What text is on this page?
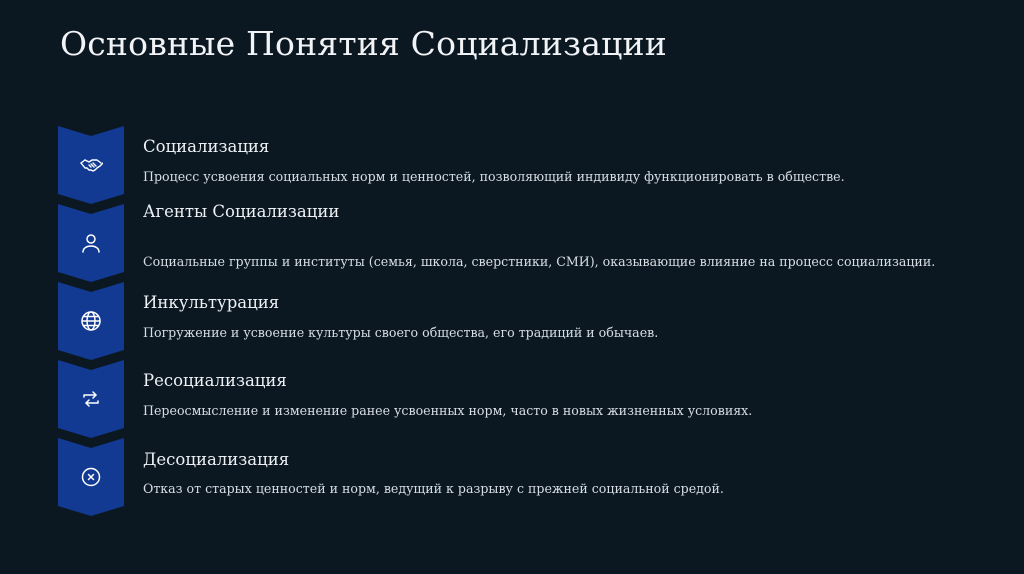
Основные Понятия Социализации
Социализация
Процесс усвоения социальных норм и ценностей, позволяющий индивиду функционировать в обществе.
Агенты Социализации
Социальные группы и институты (семья, школа, сверстники, СМИ), оказывающие влияние на процесс социализации.
Инкультурация
Погружение и усвоение культуры своего общества, его традиций и обычаев.
Ресоциализация
Переосмысление и изменение ранее усвоенных норм, часто в новых жизненных условиях.
Десоциализация
Отказ от старых ценностей и норм, ведущий к разрыву с прежней социальной средой.
